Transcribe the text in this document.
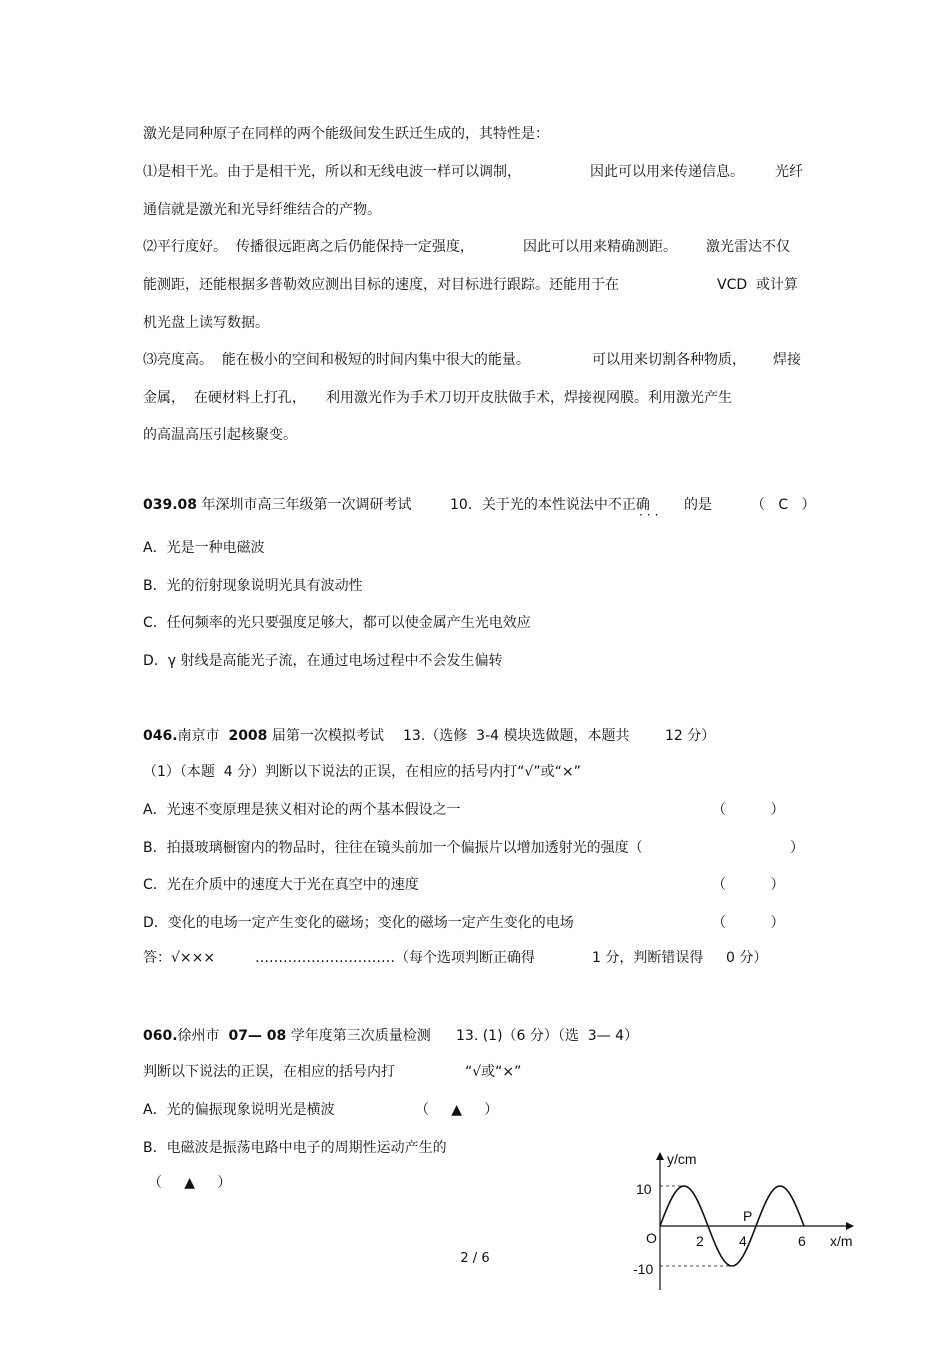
激光是同种原子在同样的两个能级间发生跃迁生成的，其特性是：
⑴是相干光。由于是相干光，所以和无线电波一样可以调制，	因此可以用来传递信息。 光纤
通信就是激光和光导纤维结合的产物。
⑵平行度好。  传播很远距离之后仍能保持一定强度，	因此可以用来精确测距。 激光雷达不仅
能测距，还能根据多普勒效应测出目标的速度，对目标进行跟踪。还能用于在	VCD  或计算
机光盘上读写数据。
⑶亮度高。  能在极小的空间和极短的时间内集中很大的能量。	可以用来切割各种物质， 焊接
金属，  在硬材料上打孔， 利用激光作为手术刀切开皮肤做手术，焊接视网膜。利用激光产生
的高温高压引起核聚变。
039.08 年深圳市高三年级第一次调研考试	10．关于光的本性说法中不正确
···
的是	（   C   ）
A．光是一种电磁波
B．光的衍射现象说明光具有波动性
C．任何频率的光只要强度足够大，都可以使金属产生光电效应
D．γ 射线是高能光子流，在通过电场过程中不会发生偏转
046.南京市 2008 届第一次模拟考试 13.（选修  3-4 模块选做题，本题共	12 分）
（1）（本题  4 分）判断以下说法的正误，在相应的括号内打“√”或“×”
A．光速不变原理是狭义相对论的两个基本假设之一	（          ）
B．拍摄玻璃橱窗内的物品时，往往在镜头前加一个偏振片以增加透射光的强度（	）
C．光在介质中的速度大于光在真空中的速度	（          ）
D．变化的电场一定产生变化的磁场；变化的磁场一定产生变化的电场	（          ）
答：√×××	…………………………（每个选项判断正确得	1 分，判断错误得 0 分）
060.徐州市 07— 08 学年度第三次质量检测 13. (1)（6 分）（选  3— 4）
判断以下说法的正误，在相应的括号内打	“√或“×”
A．光的偏振现象说明光是横波	（     ▲     ）
B．电磁波是振荡电路中电子的周期性运动产生的
（     ▲     ）
y/cm
x/m
O
P
10
-10
2	4	6
2 / 6
